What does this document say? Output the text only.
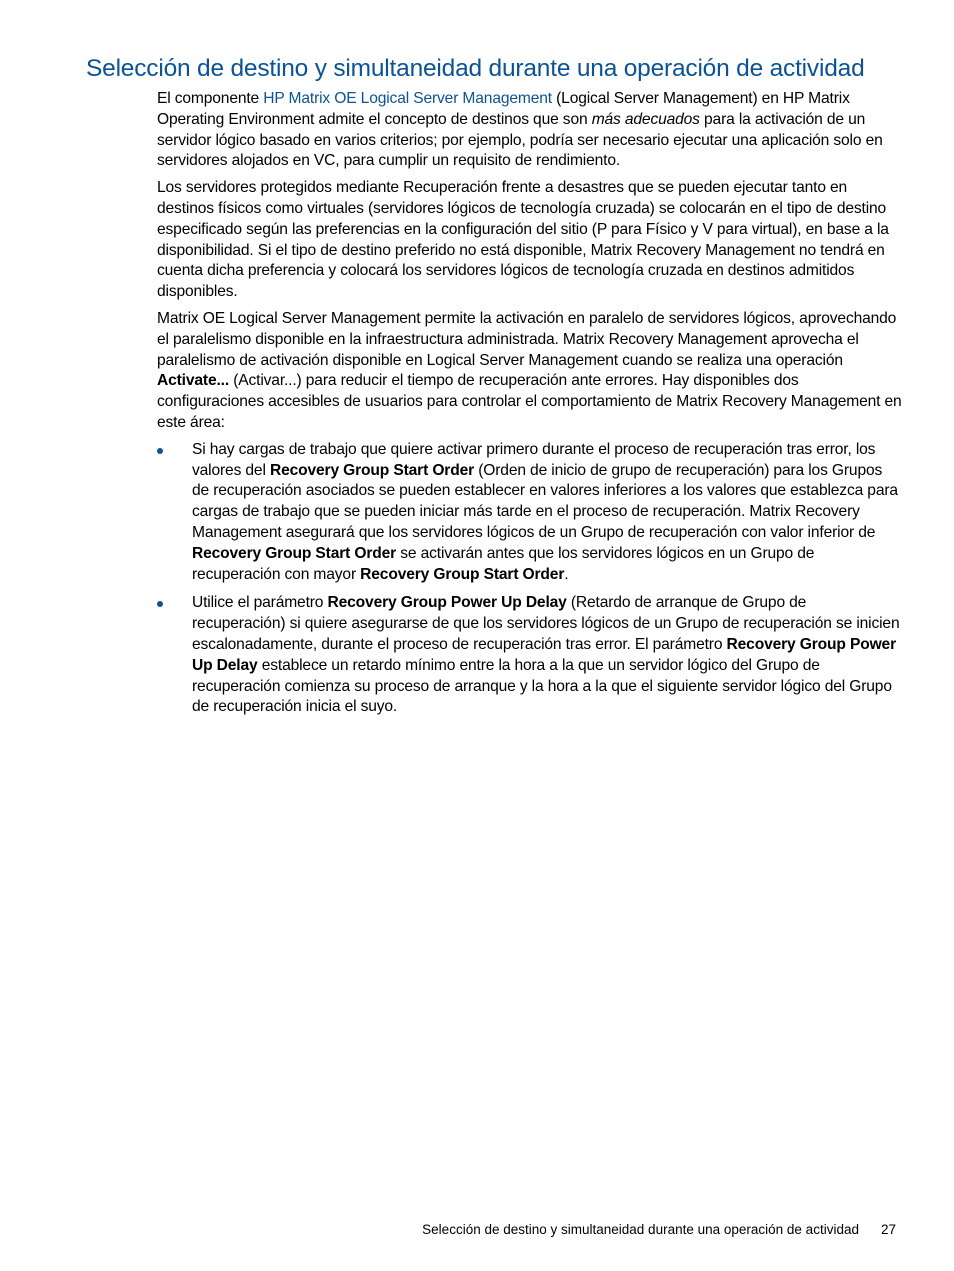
Selección de destino y simultaneidad durante una operación de actividad

El componente HP Matrix OE Logical Server Management (Logical Server Management) en HP Matrix Operating Environment admite el concepto de destinos que son más adecuados para la activación de un servidor lógico basado en varios criterios; por ejemplo, podría ser necesario ejecutar una aplicación solo en servidores alojados en VC, para cumplir un requisito de rendimiento.

Los servidores protegidos mediante Recuperación frente a desastres que se pueden ejecutar tanto en destinos físicos como virtuales (servidores lógicos de tecnología cruzada) se colocarán en el tipo de destino especificado según las preferencias en la configuración del sitio (P para Físico y V para virtual), en base a la disponibilidad. Si el tipo de destino preferido no está disponible, Matrix Recovery Management no tendrá en cuenta dicha preferencia y colocará los servidores lógicos de tecnología cruzada en destinos admitidos disponibles.

Matrix OE Logical Server Management permite la activación en paralelo de servidores lógicos, aprovechando el paralelismo disponible en la infraestructura administrada. Matrix Recovery Management aprovecha el paralelismo de activación disponible en Logical Server Management cuando se realiza una operación Activate... (Activar...) para reducir el tiempo de recuperación ante errores. Hay disponibles dos configuraciones accesibles de usuarios para controlar el comportamiento de Matrix Recovery Management en este área:

Si hay cargas de trabajo que quiere activar primero durante el proceso de recuperación tras error, los valores del Recovery Group Start Order (Orden de inicio de grupo de recuperación) para los Grupos de recuperación asociados se pueden establecer en valores inferiores a los valores que establezca para cargas de trabajo que se pueden iniciar más tarde en el proceso de recuperación. Matrix Recovery Management asegurará que los servidores lógicos de un Grupo de recuperación con valor inferior de Recovery Group Start Order se activarán antes que los servidores lógicos en un Grupo de recuperación con mayor Recovery Group Start Order.
Utilice el parámetro Recovery Group Power Up Delay (Retardo de arranque de Grupo de recuperación) si quiere asegurarse de que los servidores lógicos de un Grupo de recuperación se inicien escalonadamente, durante el proceso de recuperación tras error. El parámetro Recovery Group Power Up Delay establece un retardo mínimo entre la hora a la que un servidor lógico del Grupo de recuperación comienza su proceso de arranque y la hora a la que el siguiente servidor lógico del Grupo de recuperación inicia el suyo.
Selección de destino y simultaneidad durante una operación de actividad 27
